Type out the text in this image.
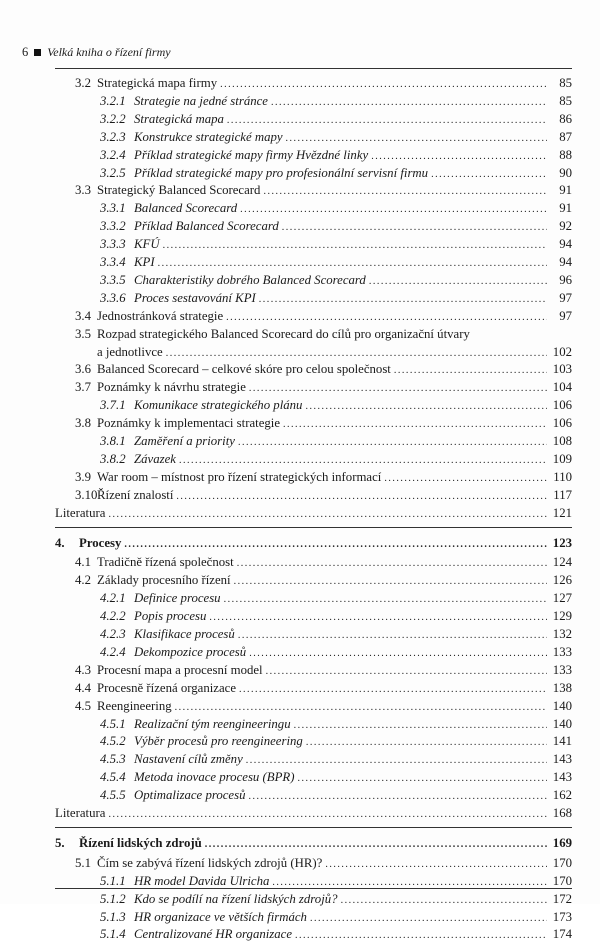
6 Velká kniha o řízení firmy
3.2 Strategická mapa firmy .....	85
3.2.1 Strategie na jedné stránce .....	85
3.2.2 Strategická mapa .....	86
3.2.3 Konstrukce strategické mapy .....	87
3.2.4 Příklad strategické mapy firmy Hvězdné linky .....	88
3.2.5 Příklad strategické mapy pro profesionální servisní firmu .....	90
3.3 Strategický Balanced Scorecard .....	91
3.3.1 Balanced Scorecard .....	91
3.3.2 Příklad Balanced Scorecard .....	92
3.3.3 KFÚ .....	94
3.3.4 KPI .....	94
3.3.5 Charakteristiky dobrého Balanced Scorecard .....	96
3.3.6 Proces sestavování KPI .....	97
3.4 Jednostránková strategie .....	97
3.5 Rozpad strategického Balanced Scorecard do cílů pro organizační útvary
a jednotlivce .....	102
3.6 Balanced Scorecard – celkové skóre pro celou společnost .....	103
3.7 Poznámky k návrhu strategie .....	104
3.7.1 Komunikace strategického plánu .....	106
3.8 Poznámky k implementaci strategie .....	106
3.8.1 Zaměření a priority .....	108
3.8.2 Závazek .....	109
3.9 War room – místnost pro řízení strategických informací .....	110
3.10 Řízení znalostí .....	117
Literatura .....	121
4. Procesy .....	123
4.1 Tradičně řízená společnost .....	124
4.2 Základy procesního řízení .....	126
4.2.1 Definice procesu .....	127
4.2.2 Popis procesu .....	129
4.2.3 Klasifikace procesů .....	132
4.2.4 Dekompozice procesů .....	133
4.3 Procesní mapa a procesní model .....	133
4.4 Procesně řízená organizace .....	138
4.5 Reengineering .....	140
4.5.1 Realizační tým reengineeringu .....	140
4.5.2 Výběr procesů pro reengineering .....	141
4.5.3 Nastavení cílů změny .....	143
4.5.4 Metoda inovace procesu (BPR) .....	143
4.5.5 Optimalizace procesů .....	162
Literatura .....	168
5. Řízení lidských zdrojů .....	169
5.1 Čím se zabývá řízení lidských zdrojů (HR)? .....	170
5.1.1 HR model Davida Ulricha .....	170
5.1.2 Kdo se podílí na řízení lidských zdrojů? .....	172
5.1.3 HR organizace ve větších firmách .....	173
5.1.4 Centralizované HR organizace .....	174
